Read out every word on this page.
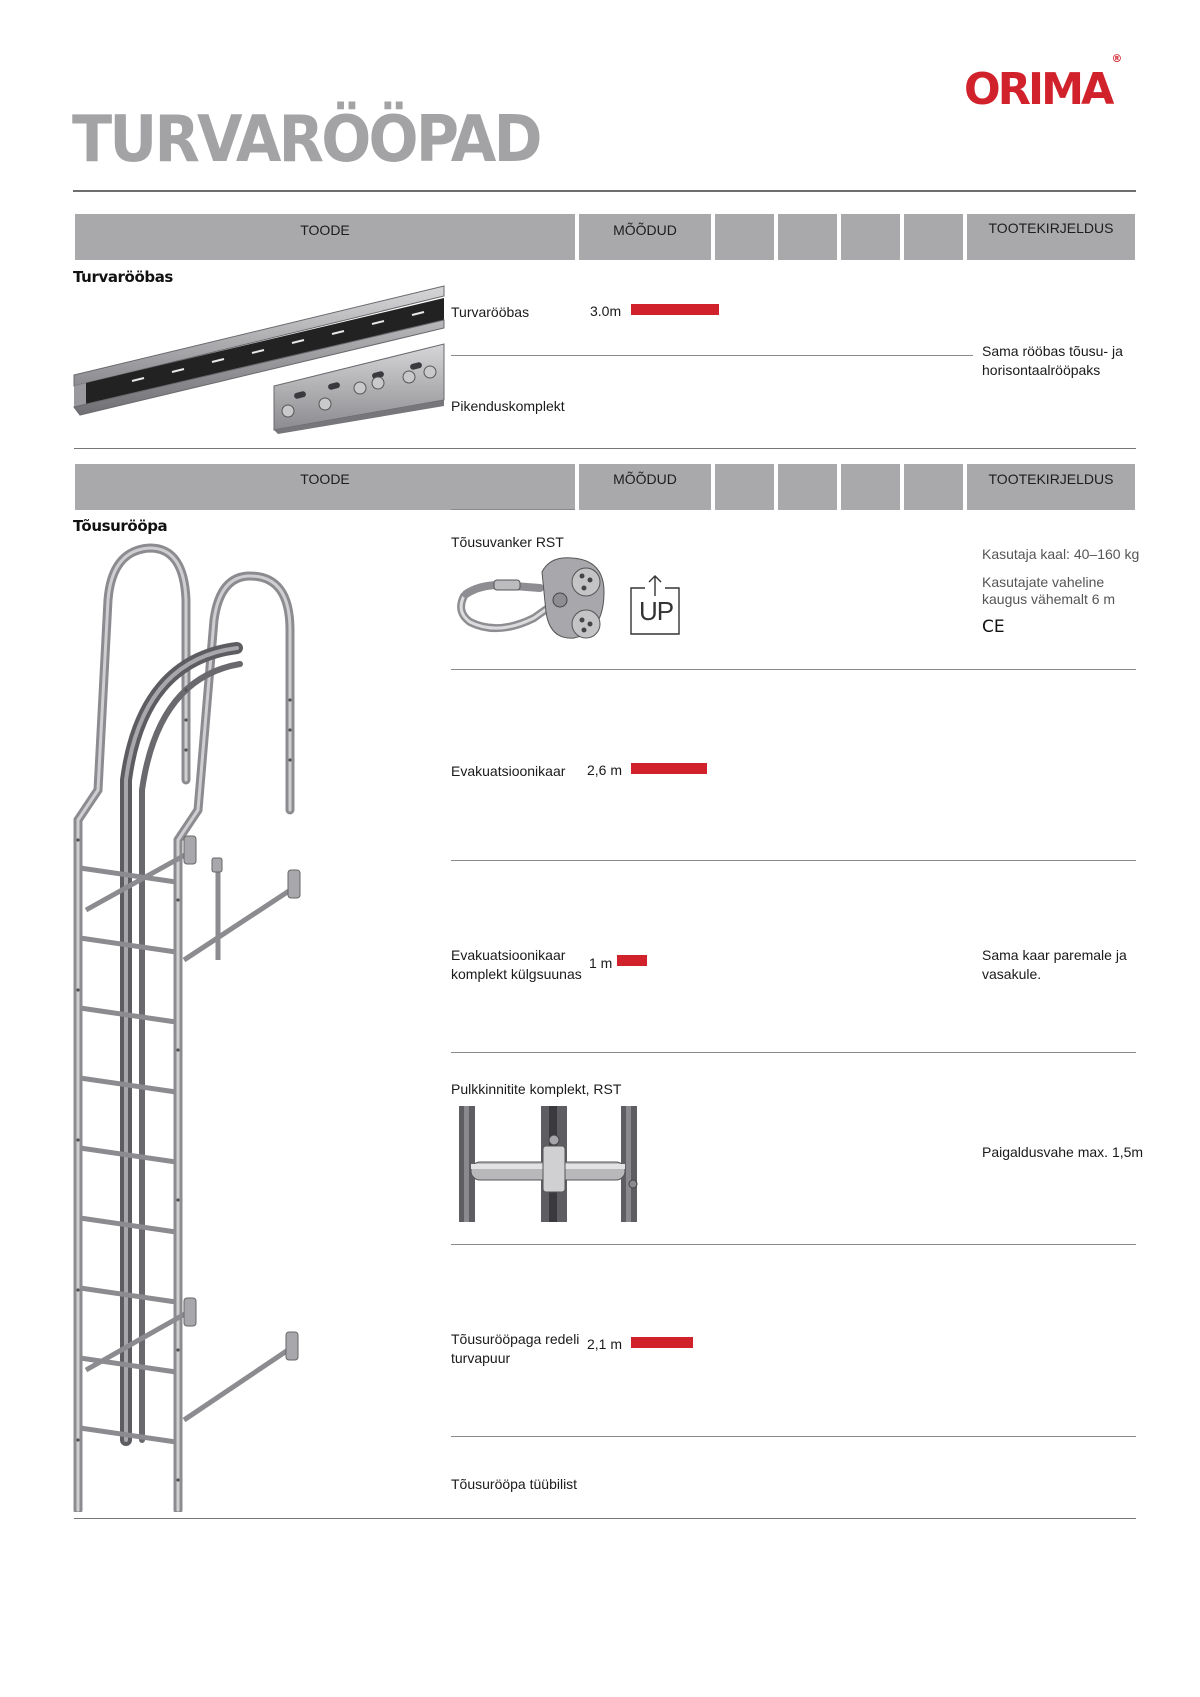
TURVARÖÖPAD
ORIMA®
TOODE	MÕÕDUD	TOOTEKIRJELDUS
Turvarööbas
Turvarööbas	3.0m
Sama rööbas tõusu- ja horisontaalrööpaks
Pikenduskomplekt
TOODE	MÕÕDUD	TOOTEKIRJELDUS
Tõusurööpa
Tõusuvanker RST
UP
Kasutaja kaal: 40–160 kg
Kasutajate vaheline kaugus vähemalt 6 m
CE
Evakuatsioonikaar 2,6 m
Evakuatsioonikaar komplekt külgsuunas
1 m	Sama kaar paremale ja vasakule.
Pulkkinnitite komplekt, RST
Paigaldusvahe max. 1,5m
Tõusurööpaga redeli turvapuur
2,1 m
Tõusurööpa tüübilist
